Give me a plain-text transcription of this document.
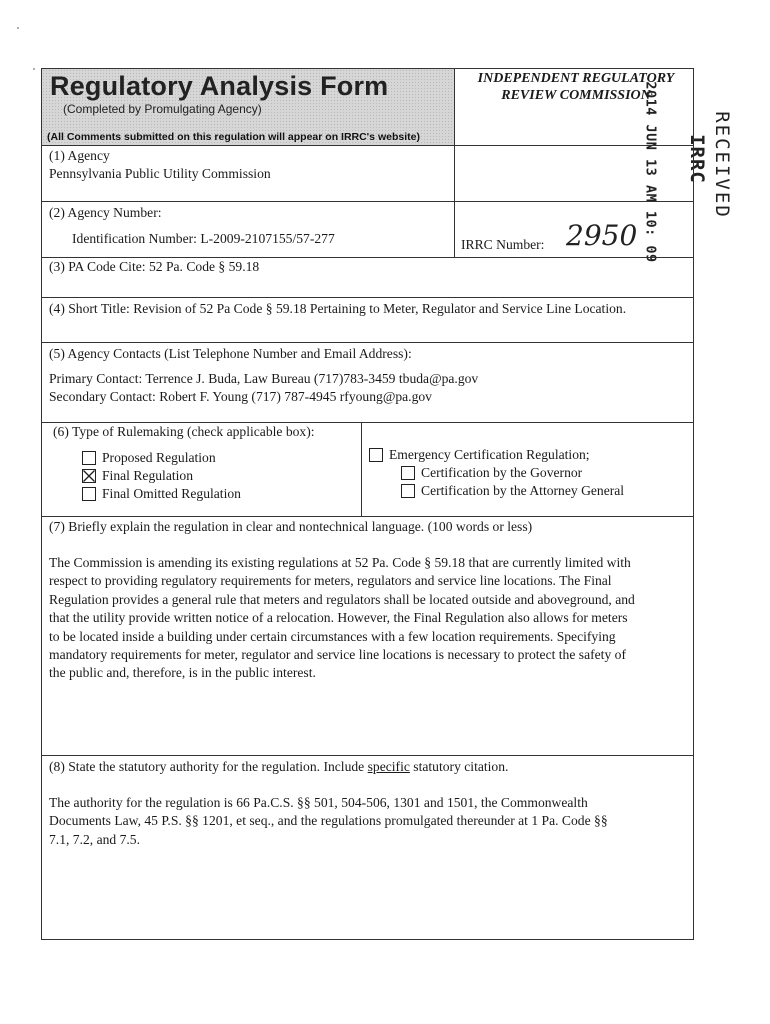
RECEIVED
IRRC
Regulatory Analysis Form
(Completed by Promulgating Agency)
(All Comments submitted on this regulation will appear on IRRC's website)
INDEPENDENT REGULATORY
REVIEW COMMISSION
2014 JUN 13 AM 10: 09
(1) Agency
Pennsylvania Public Utility Commission
(2) Agency Number:
Identification Number: L-2009-2107155/57-277	IRRC Number: 2950
(3) PA Code Cite: 52 Pa. Code § 59.18
(4) Short Title: Revision of 52 Pa Code § 59.18 Pertaining to Meter, Regulator and Service Line Location.
(5) Agency Contacts (List Telephone Number and Email Address):
Primary Contact: Terrence J. Buda, Law Bureau (717)783-3459 tbuda@pa.gov
Secondary Contact: Robert F. Young (717) 787-4945 rfyoung@pa.gov
(6) Type of Rulemaking (check applicable box):
Proposed Regulation
Final Regulation
Final Omitted Regulation
Emergency Certification Regulation;
Certification by the Governor
Certification by the Attorney General
(7) Briefly explain the regulation in clear and nontechnical language. (100 words or less)
The Commission is amending its existing regulations at 52 Pa. Code § 59.18 that are currently limited with
respect to providing regulatory requirements for meters, regulators and service line locations. The Final
Regulation provides a general rule that meters and regulators shall be located outside and aboveground, and
that the utility provide written notice of a relocation. However, the Final Regulation also allows for meters
to be located inside a building under certain circumstances with a few location requirements. Specifying
mandatory requirements for meter, regulator and service line locations is necessary to protect the safety of
the public and, therefore, is in the public interest.
(8) State the statutory authority for the regulation. Include specific statutory citation.
The authority for the regulation is 66 Pa.C.S. §§ 501, 504-506, 1301 and 1501, the Commonwealth
Documents Law, 45 P.S. §§ 1201, et seq., and the regulations promulgated thereunder at 1 Pa. Code §§
7.1, 7.2, and 7.5.
